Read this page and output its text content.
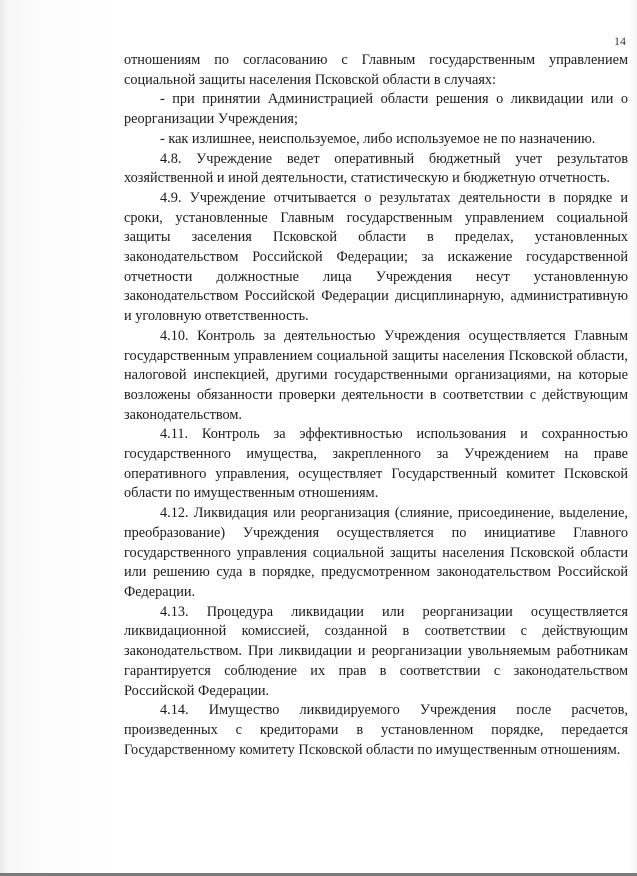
14

отношениям по согласованию с Главным государственным управлением социальной защиты населения Псковской области в случаях:

- при принятии Администрацией области решения о ликвидации или о реорганизации Учреждения;

- как излишнее, неиспользуемое, либо используемое не по назначению.

4.8. Учреждение ведет оперативный бюджетный учет результатов хозяйственной и иной деятельности, статистическую и бюджетную отчетность.

4.9. Учреждение отчитывается о результатах деятельности в порядке и сроки, установленные Главным государственным управлением социальной защиты заселения Псковской области в пределах, установленных законодательством Российской Федерации; за искажение государственной отчетности должностные лица Учреждения несут установленную законодательством Российской Федерации дисциплинарную, административную и уголовную ответственность.

4.10. Контроль за деятельностью Учреждения осуществляется Главным государственным управлением социальной защиты населения Псковской области, налоговой инспекцией, другими государственными организациями, на которые возложены обязанности проверки деятельности в соответствии с действующим законодательством.

4.11. Контроль за эффективностью использования и сохранностью государственного имущества, закрепленного за Учреждением на праве оперативного управления, осуществляет Государственный комитет Псковской области по имущественным отношениям.

4.12. Ликвидация или реорганизация (слияние, присоединение, выделение, преобразование) Учреждения осуществляется по инициативе Главного государственного управления социальной защиты населения Псковской области или решению суда в порядке, предусмотренном законодательством Российской Федерации.

4.13. Процедура ликвидации или реорганизации осуществляется ликвидационной комиссией, созданной в соответствии с действующим законодательством. При ликвидации и реорганизации увольняемым работникам гарантируется соблюдение их прав в соответствии с законодательством Российской Федерации.

4.14. Имущество ликвидируемого Учреждения после расчетов, произведенных с кредиторами в установленном порядке, передается Государственному комитету Псковской области по имущественным отношениям.
